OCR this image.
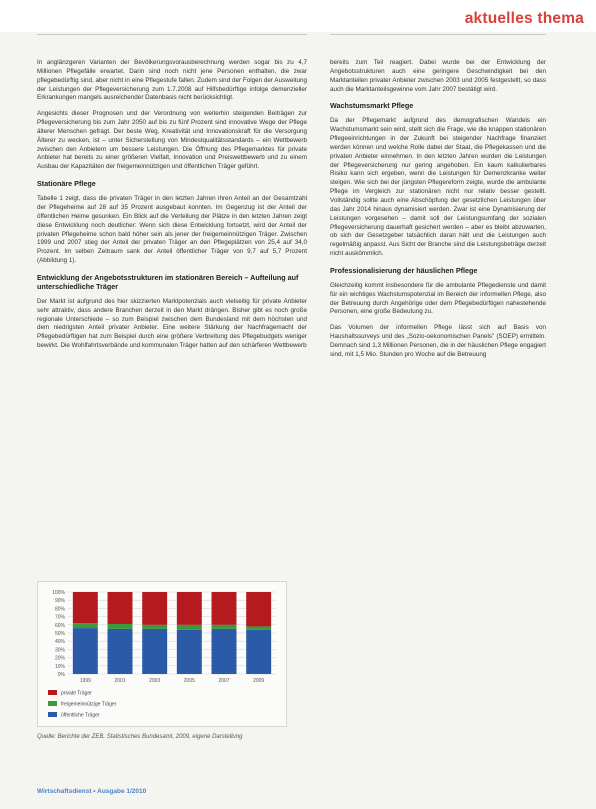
aktuelles thema

In anglänzgeren Varianten der Bevölkerungsvorausberechnung werden sogar bis zu 4,7 Millionen Pflegefälle erwartet. Darin sind noch nicht jene Personen enthalten, die zwar pflegebedürftig sind, aber nicht in eine Pflegestufe fallen. Zudem sind der Folgen der Ausweitung der Leistungen der Pflegeversicherung zum 1.7.2008 auf Hilfsbedürftige infolge demenzieller Erkrankungen mangels ausreichender Datenbasis nicht berücksichtigt.

Angesichts dieser Prognosen und der Verordnung von weiterhin steigenden Beiträgen zur Pflegeversicherung bis zum Jahr 2050 auf bis zu fünf Prozent sind innovative Wege der Pflege älterer Menschen gefragt. Der beste Weg, Kreativität und Innovationskraft für die Versorgung Älterer zu wecken, ist – unter Sicherstellung von Mindestqualitätsstandards – ein Wettbewerb zwischen den Anbietern um bessere Leistungen. Die Öffnung des Pflegemarktes für private Anbieter hat bereits zu einer größeren Vielfalt, Innovation und Preiswettbewerb und zu einem Ausbau der Kapazitäten der freigemeinnützigen und öffentlichen Träger geführt.

Stationäre Pflege

Tabelle 1 zeigt, dass die privaten Träger in den letzten Jahren ihren Anteil an der Gesamtzahl der Pflegeheime auf 28 auf 35 Prozent ausgebaut konnten. Im Gegenzug ist der Anteil der öffentlichen Heime gesunken. Ein Blick auf die Verteilung der Plätze in den letzten Jahren zeigt diese Entwicklung noch deutlicher: Wenn sich diese Entwicklung fortsetzt, wird der Anteil der privaten Pflegeheime schon bald höher sein als jener der freigemeinnützigen Träger. Zwischen 1999 und 2007 stieg der Anteil der privaten Träger an den Pflegeplätzen von 25,4 auf 34,0 Prozent. Im selben Zeitraum sank der Anteil öffentlicher Träger von 9,7 auf 5,7 Prozent (Abbildung 1).

Entwicklung der Angebotsstrukturen im stationären Bereich – Aufteilung auf unterschiedliche Träger

Der Markt ist aufgrund des hier skizzierten Marktpotenzials auch vielseitig für private Anbieter sehr attraktiv, dass andere Branchen derzeit in den Markt drängen. Bisher gibt es noch große regionale Unterschiede – so zum Beispiel zwischen dem Bundesland mit dem höchsten und dem niedrigsten Anteil privater Anbieter. Eine weitere Stärkung der Nachfragemacht der Pflegebedürftigen hat zum Beispiel durch eine größere Verbreitung des Pflegebudgets weniger bewirkt. Die Wohlfahrtsverbände und kommunalen Träger hatten auf den schärferen Wettbewerb

bereits zum Teil reagiert. Dabei wurde bei der Entwicklung der Angebotsstrukturen auch eine geringere Geschwindigkeit bei den Marktanteilen privater Anbieter zwischen 2003 und 2005 festgestellt, so dass auch die Marktanteilsgewinne vom Jahr 2007 bestätigt wird.

Wachstumsmarkt Pflege

Da der Pflegemarkt aufgrund des demografischen Wandels ein Wachstumsmarkt sein wird, stellt sich die Frage, wie die knappen stationären Pflegeeinrichtungen in der Zukunft bei steigender Nachfrage finanziert werden können und welche Rolle dabei der Staat, die Pflegekassen und die privaten Anbieter einnehmen. In den letzten Jahren wurden die Leistungen der Pflegeversicherung nur gering angehoben. Ein kaum kalkulierbares Risiko kann sich ergeben, wenn die Leistungen für Demenzkranke weiter steigen. Wie sich bei der jüngsten Pflegereform zeigte, wurde die ambulante Pflege im Vergleich zur stationären nicht nur relativ besser gestellt. Vollständig sollte auch eine Abschöpfung der gesetzlichen Leistungen über das Jahr 2014 hinaus dynamisiert werden. Zwar ist eine Dynamisierung der Leistungen vorgesehen – damit soll der Leistungsumfang der sozialen Pflegeversicherung dauerhaft gesichert werden – aber es bleibt abzuwarten, ob sich der Gesetzgeber tatsächlich daran hält und die Leistungen auch regelmäßig anpasst. Aus Sicht der Branche sind die Leistungsbeträge derzeit nicht auskömmlich.

Professionalisierung der häuslichen Pflege

Gleichzeitig kommt insbesondere für die ambulante Pflegedienste und damit für ein wichtiges Wachstumspotenzial im Bereich der informellen Pflege, also der Betreuung durch Angehörige oder dem Pflegebedürftigen nahestehende Personen, eine große Bedeutung zu.

Das Volumen der informellen Pflege lässt sich auf Basis von Haushaltssurveys und des „Sozio-oekonomischen Panels" (SOEP) ermitteln. Demnach sind 1,3 Millionen Personen, die in der häuslichen Pflege engagiert sind, mit 1,5 Mio. Stunden pro Woche auf die Betreuung

0%
10%
20%
30%
40%
50%
60%
70%
80%
90%
100%
1999	2001	2003	2005	2007	2009
private Träger
freigemeinnützige Träger
öffentliche Träger
Quelle: Berichte der ZEB, Statistisches Bundesamt, 2009, eigene Darstellung
Wirtschaftsdienst • Ausgabe 1/2010
